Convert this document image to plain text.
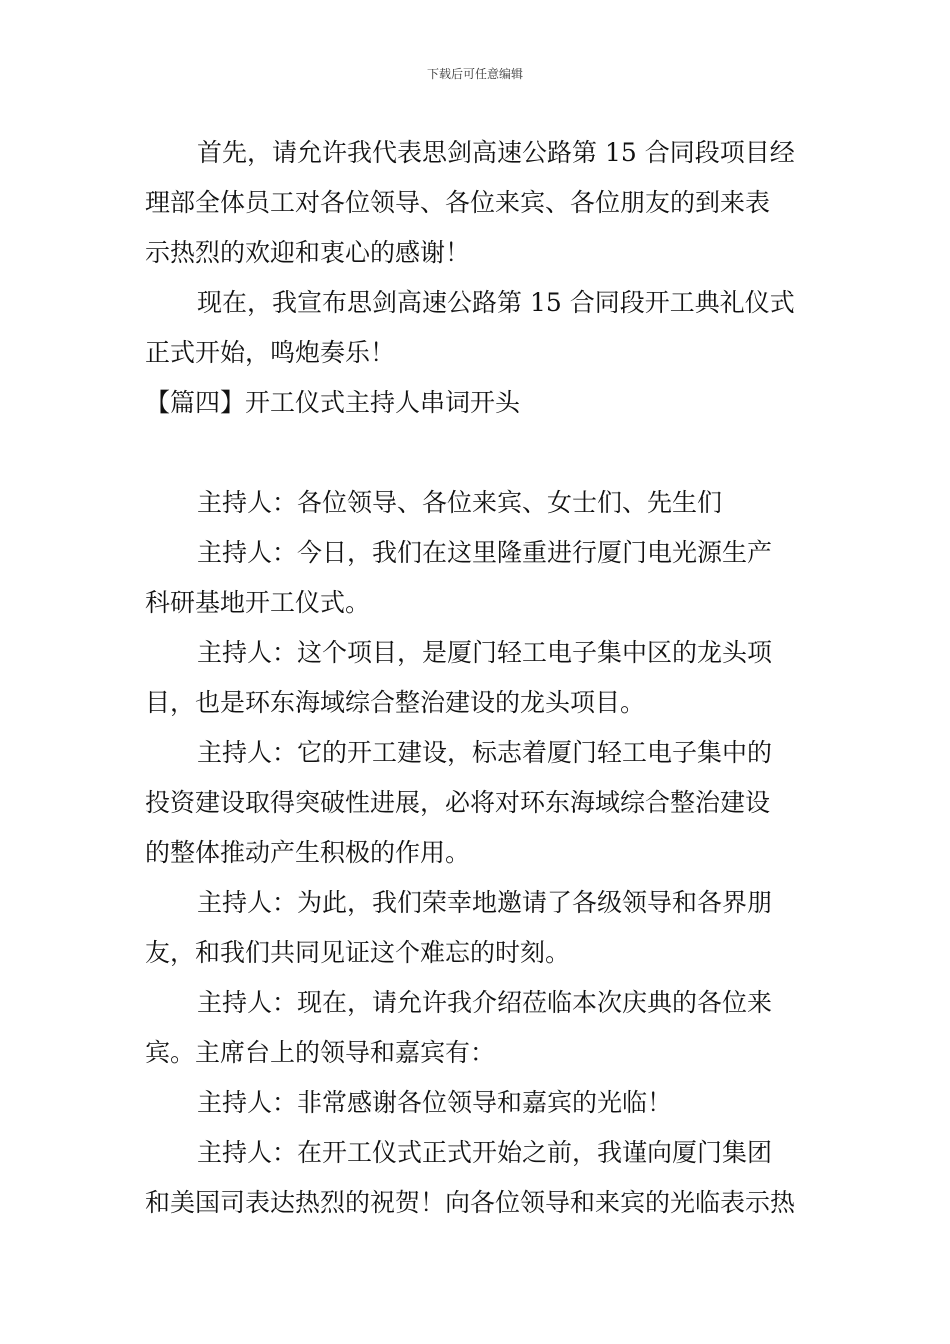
下载后可任意编辑
首先，请允许我代表思剑高速公路第 15 合同段项目经
理部全体员工对各位领导、各位来宾、各位朋友的到来表
示热烈的欢迎和衷心的感谢！
现在，我宣布思剑高速公路第 15 合同段开工典礼仪式
正式开始，鸣炮奏乐！
【篇四】开工仪式主持人串词开头
主持人：各位领导、各位来宾、女士们、先生们
主持人：今日，我们在这里隆重进行厦门电光源生产
科研基地开工仪式。
主持人：这个项目，是厦门轻工电子集中区的龙头项
目，也是环东海域综合整治建设的龙头项目。
主持人：它的开工建设，标志着厦门轻工电子集中的
投资建设取得突破性进展，必将对环东海域综合整治建设
的整体推动产生积极的作用。
主持人：为此，我们荣幸地邀请了各级领导和各界朋
友，和我们共同见证这个难忘的时刻。
主持人：现在，请允许我介绍莅临本次庆典的各位来
宾。主席台上的领导和嘉宾有：
主持人：非常感谢各位领导和嘉宾的光临！
主持人：在开工仪式正式开始之前，我谨向厦门集团
和美国司表达热烈的祝贺！向各位领导和来宾的光临表示热
